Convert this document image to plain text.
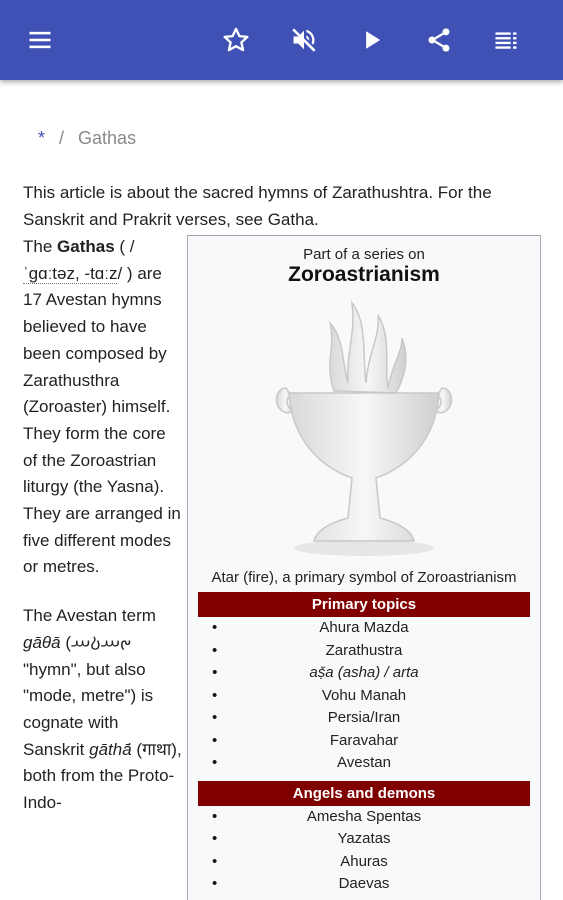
* / Gathas
This article is about the sacred hymns of Zarathushtra. For the Sanskrit and Prakrit verses, see Gatha.

The Gathas ( / ˈɡɑːtəz, -tɑːz/ ) are 17 Avestan hymns believed to have been composed by Zarathusthra (Zoroaster) himself. They form the core of the Zoroastrian liturgy (the Yasna). They are arranged in five different modes or metres.

The Avestan term gāθā (𐬔𐬁𐬚𐬁 "hymn", but also "mode, metre") is cognate with Sanskrit gāthā́ (गाथा), both from the Proto-Indo-

Part of a series on
Zoroastrianism
Atar (fire), a primary symbol of Zoroastrianism
Primary topics
• Ahura Mazda
• Zarathustra
• aṣ̌a (asha) / arta
• Vohu Manah
• Persia/Iran
• Faravahar
• Avestan
Angels and demons
• Amesha Spentas
• Yazatas
• Ahuras
• Daevas
